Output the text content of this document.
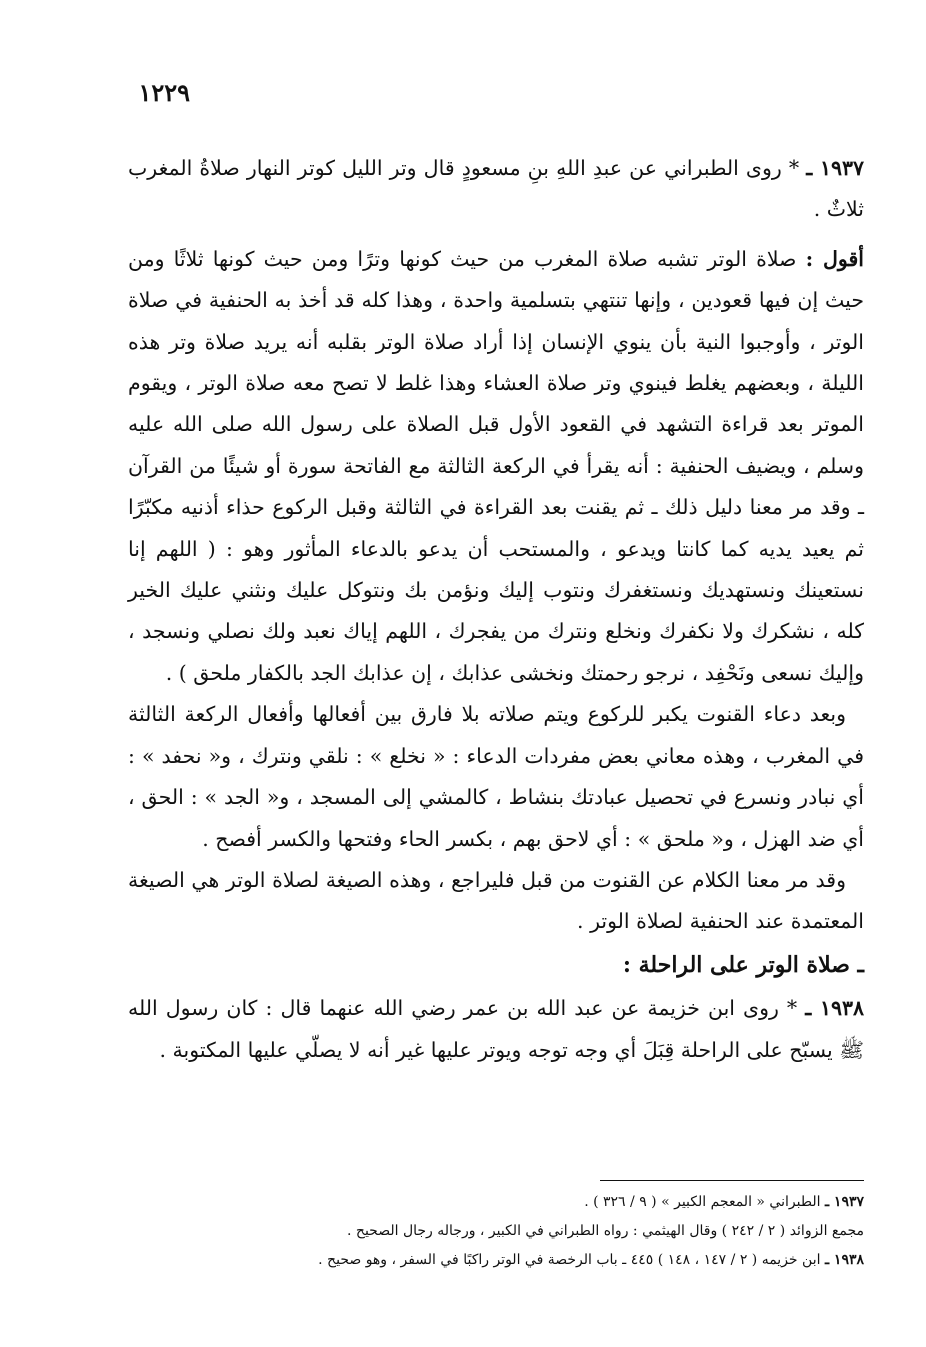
١٢٢٩

١٩٣٧ ـ * روى الطبراني عن عبدِ اللهِ بنِ مسعودٍ قال وتر الليل كوتر النهار صلاةُ المغرب ثلاثٌ .

أقول : صلاة الوتر تشبه صلاة المغرب من حيث كونها وترًا ومن حيث كونها ثلاثًا ومن حيث إن فيها قعودين ، وإنها تنتهي بتسلمية واحدة ، وهذا كله قد أخذ به الحنفية في صلاة الوتر ، وأوجبوا النية بأن ينوي الإنسان إذا أراد صلاة الوتر بقلبه أنه يريد صلاة وتر هذه الليلة ، وبعضهم يغلط فينوي وتر صلاة العشاء وهذا غلط لا تصح معه صلاة الوتر ، ويقوم الموتر بعد قراءة التشهد في القعود الأول قبل الصلاة على رسول الله صلى الله عليه وسلم ، ويضيف الحنفية : أنه يقرأ في الركعة الثالثة مع الفاتحة سورة أو شيئًا من القرآن ـ وقد مر معنا دليل ذلك ـ ثم يقنت بعد القراءة في الثالثة وقبل الركوع حذاء أذنيه مكبّرًا ثم يعيد يديه كما كانتا ويدعو ، والمستحب أن يدعو بالدعاء المأثور وهو : ( اللهم إنا نستعينك ونستهديك ونستغفرك ونتوب إليك ونؤمن بك ونتوكل عليك ونثني عليك الخير كله ، نشكرك ولا نكفرك ونخلع ونترك من يفجرك ، اللهم إياك نعبد ولك نصلي ونسجد ، وإليك نسعى ونَحْفِد ، نرجو رحمتك ونخشى عذابك ، إن عذابك الجد بالكفار ملحق ) .

وبعد دعاء القنوت يكبر للركوع ويتم صلاته بلا فارق بين أفعالها وأفعال الركعة الثالثة في المغرب ، وهذه معاني بعض مفردات الدعاء : « نخلع » : نلقي ونترك ، و« نحفد » : أي نبادر ونسرع في تحصيل عبادتك بنشاط ، كالمشي إلى المسجد ، و« الجد » : الحق ، أي ضد الهزل ، و« ملحق » : أي لاحق بهم ، بكسر الحاء وفتحها والكسر أفصح .

وقد مر معنا الكلام عن القنوت من قبل فليراجع ، وهذه الصيغة لصلاة الوتر هي الصيغة المعتمدة عند الحنفية لصلاة الوتر .

ـ صلاة الوتر على الراحلة :

١٩٣٨ ـ * روى ابن خزيمة عن عبد الله بن عمر رضي الله عنهما قال : كان رسول الله ﷺ يسبّح على الراحلة قِبَلَ أي وجه توجه ويوتر عليها غير أنه لا يصلّي عليها المكتوبة .

١٩٣٧ ـ الطبراني « المعجم الكبير » ( ٩ / ٣٢٦ ) .

مجمع الزوائد ( ٢ / ٢٤٢ ) وقال الهيثمي : رواه الطبراني في الكبير ، ورجاله رجال الصحيح .

١٩٣٨ ـ ابن خزيمه ( ٢ / ١٤٧ ، ١٤٨ ) ٤٤٥ ـ باب الرخصة في الوتر راكبًا في السفر ، وهو صحيح .
